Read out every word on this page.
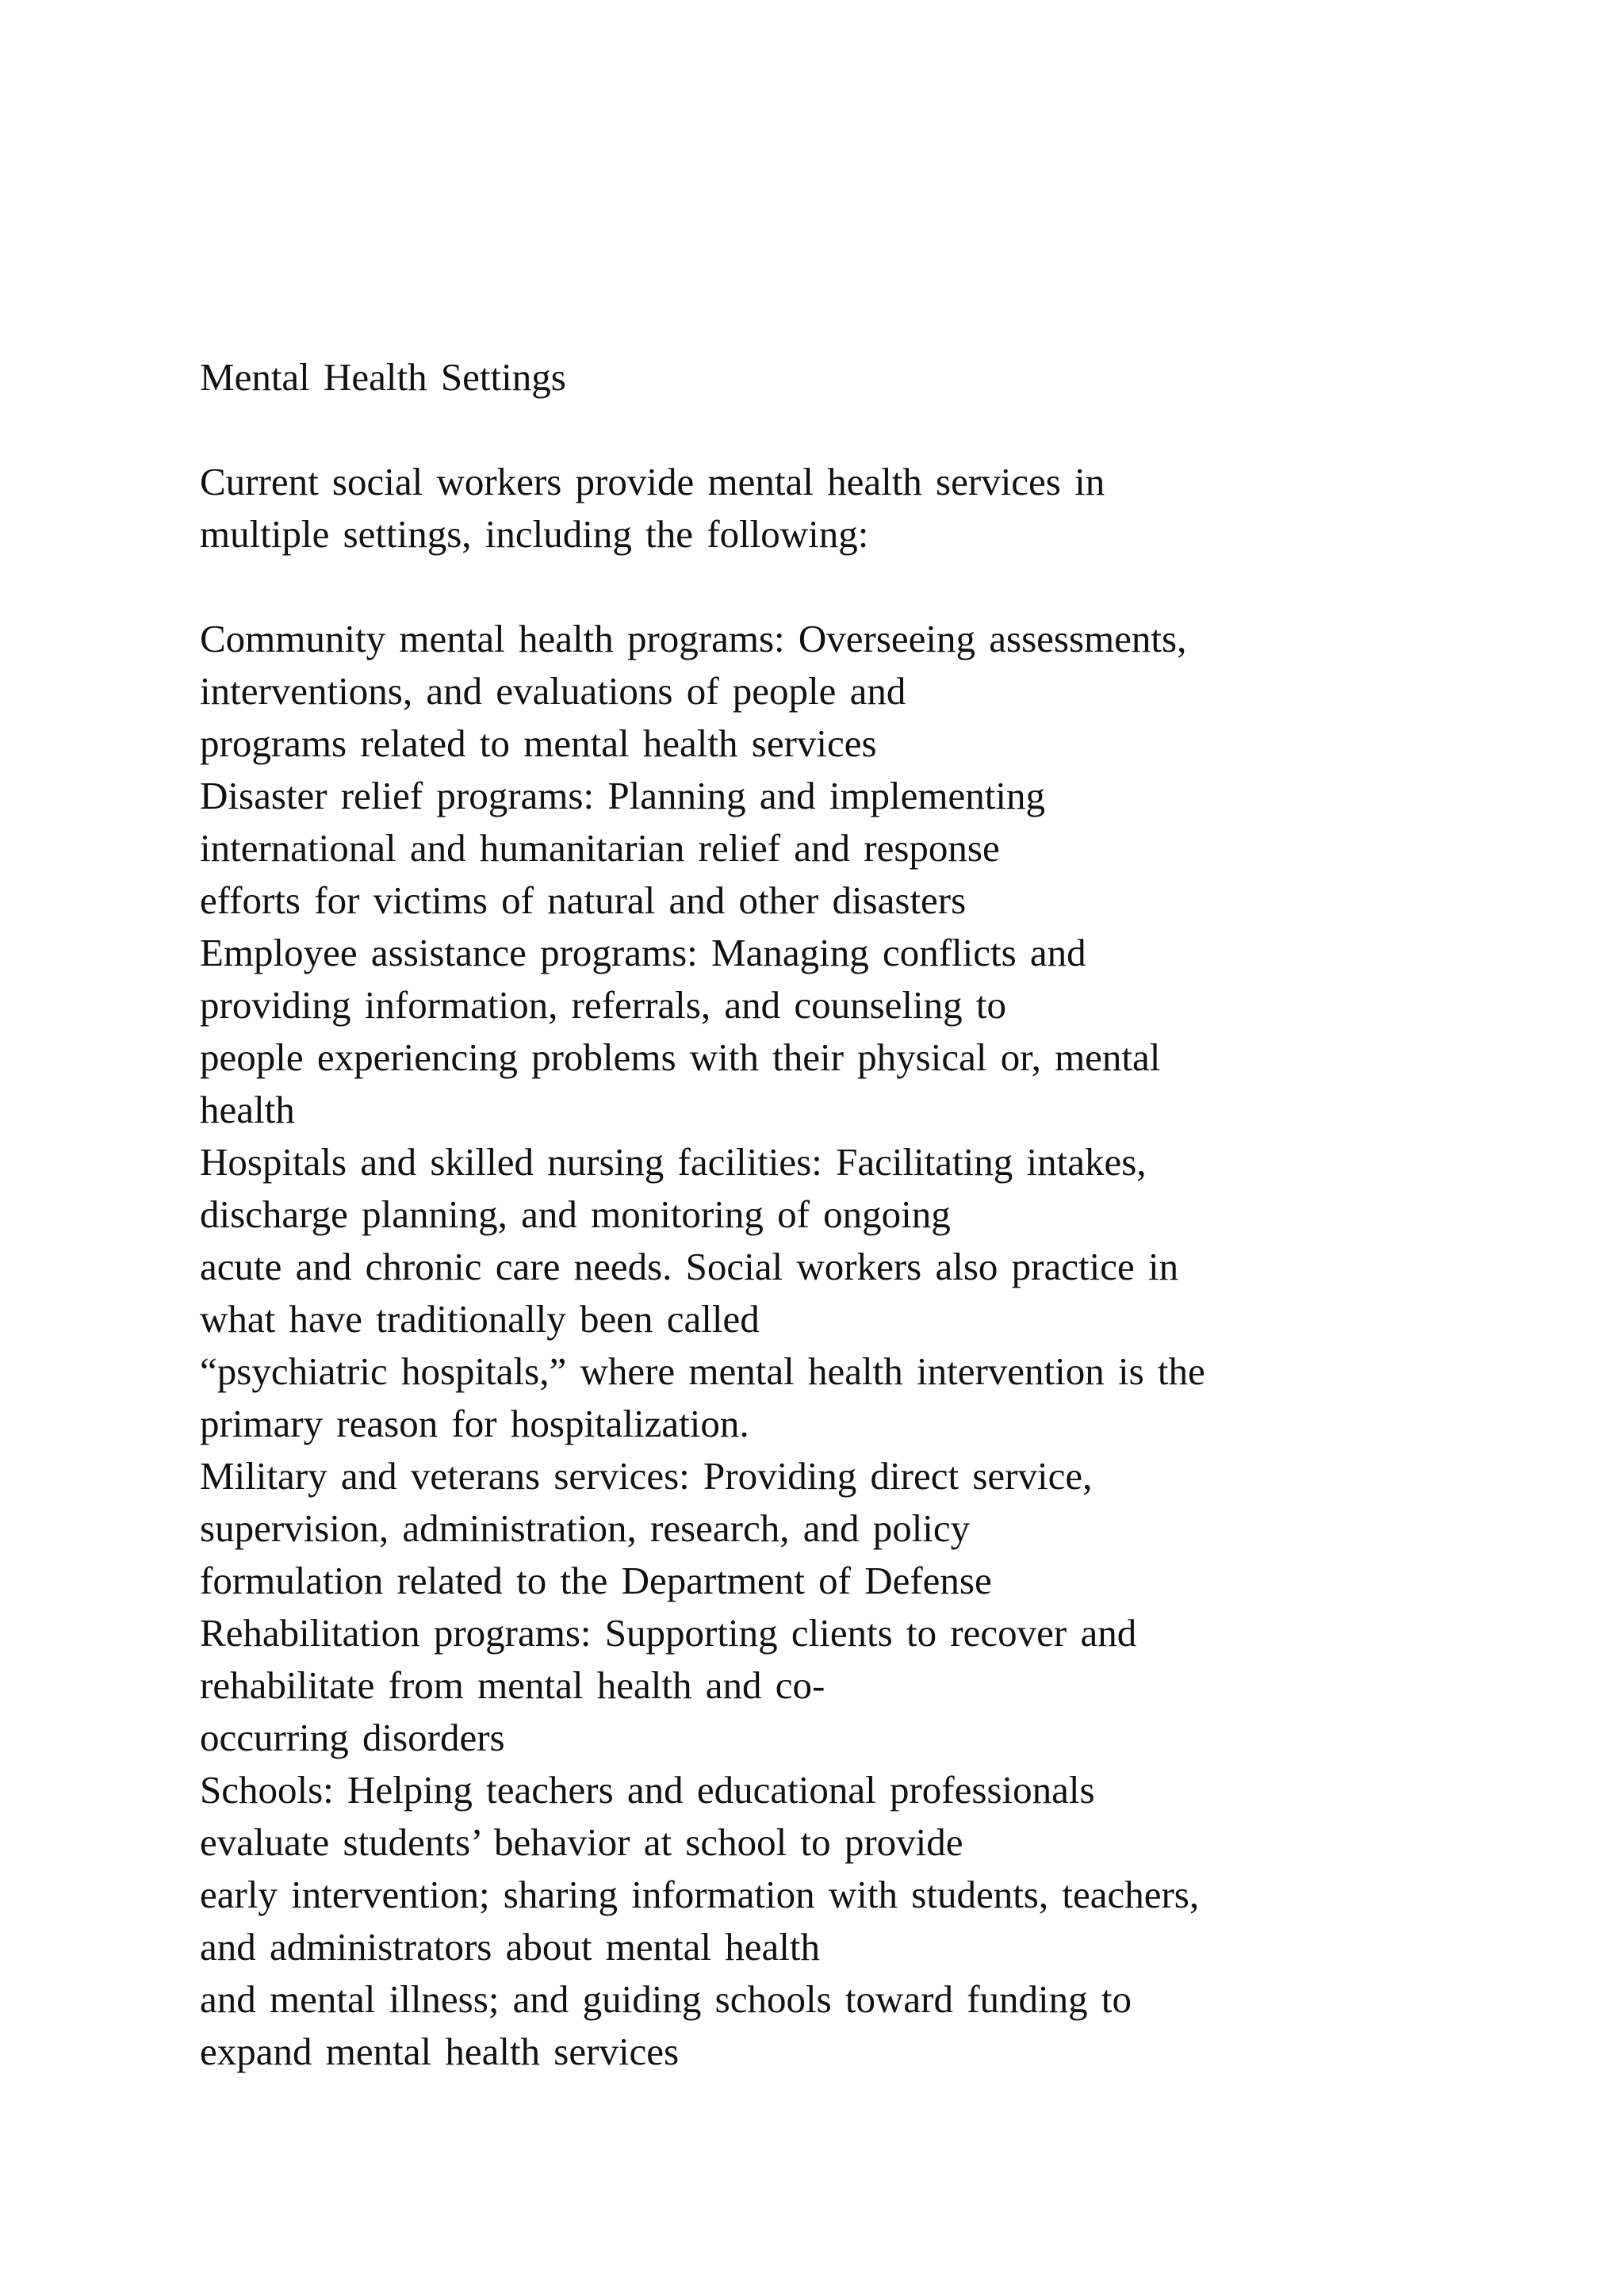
Mental Health Settings
Current social workers provide mental health services in
multiple settings, including the following:
Community mental health programs: Overseeing assessments,
interventions, and evaluations of people and
programs related to mental health services
Disaster relief programs: Planning and implementing
international and humanitarian relief and response
efforts for victims of natural and other disasters
Employee assistance programs: Managing conflicts and
providing information, referrals, and counseling to
people experiencing problems with their physical or, mental
health
Hospitals and skilled nursing facilities: Facilitating intakes,
discharge planning, and monitoring of ongoing
acute and chronic care needs. Social workers also practice in
what have traditionally been called
“psychiatric hospitals,” where mental health intervention is the
primary reason for hospitalization.
Military and veterans services: Providing direct service,
supervision, administration, research, and policy
formulation related to the Department of Defense
Rehabilitation programs: Supporting clients to recover and
rehabilitate from mental health and co-
occurring disorders
Schools: Helping teachers and educational professionals
evaluate students’ behavior at school to provide
early intervention; sharing information with students, teachers,
and administrators about mental health
and mental illness; and guiding schools toward funding to
expand mental health services
